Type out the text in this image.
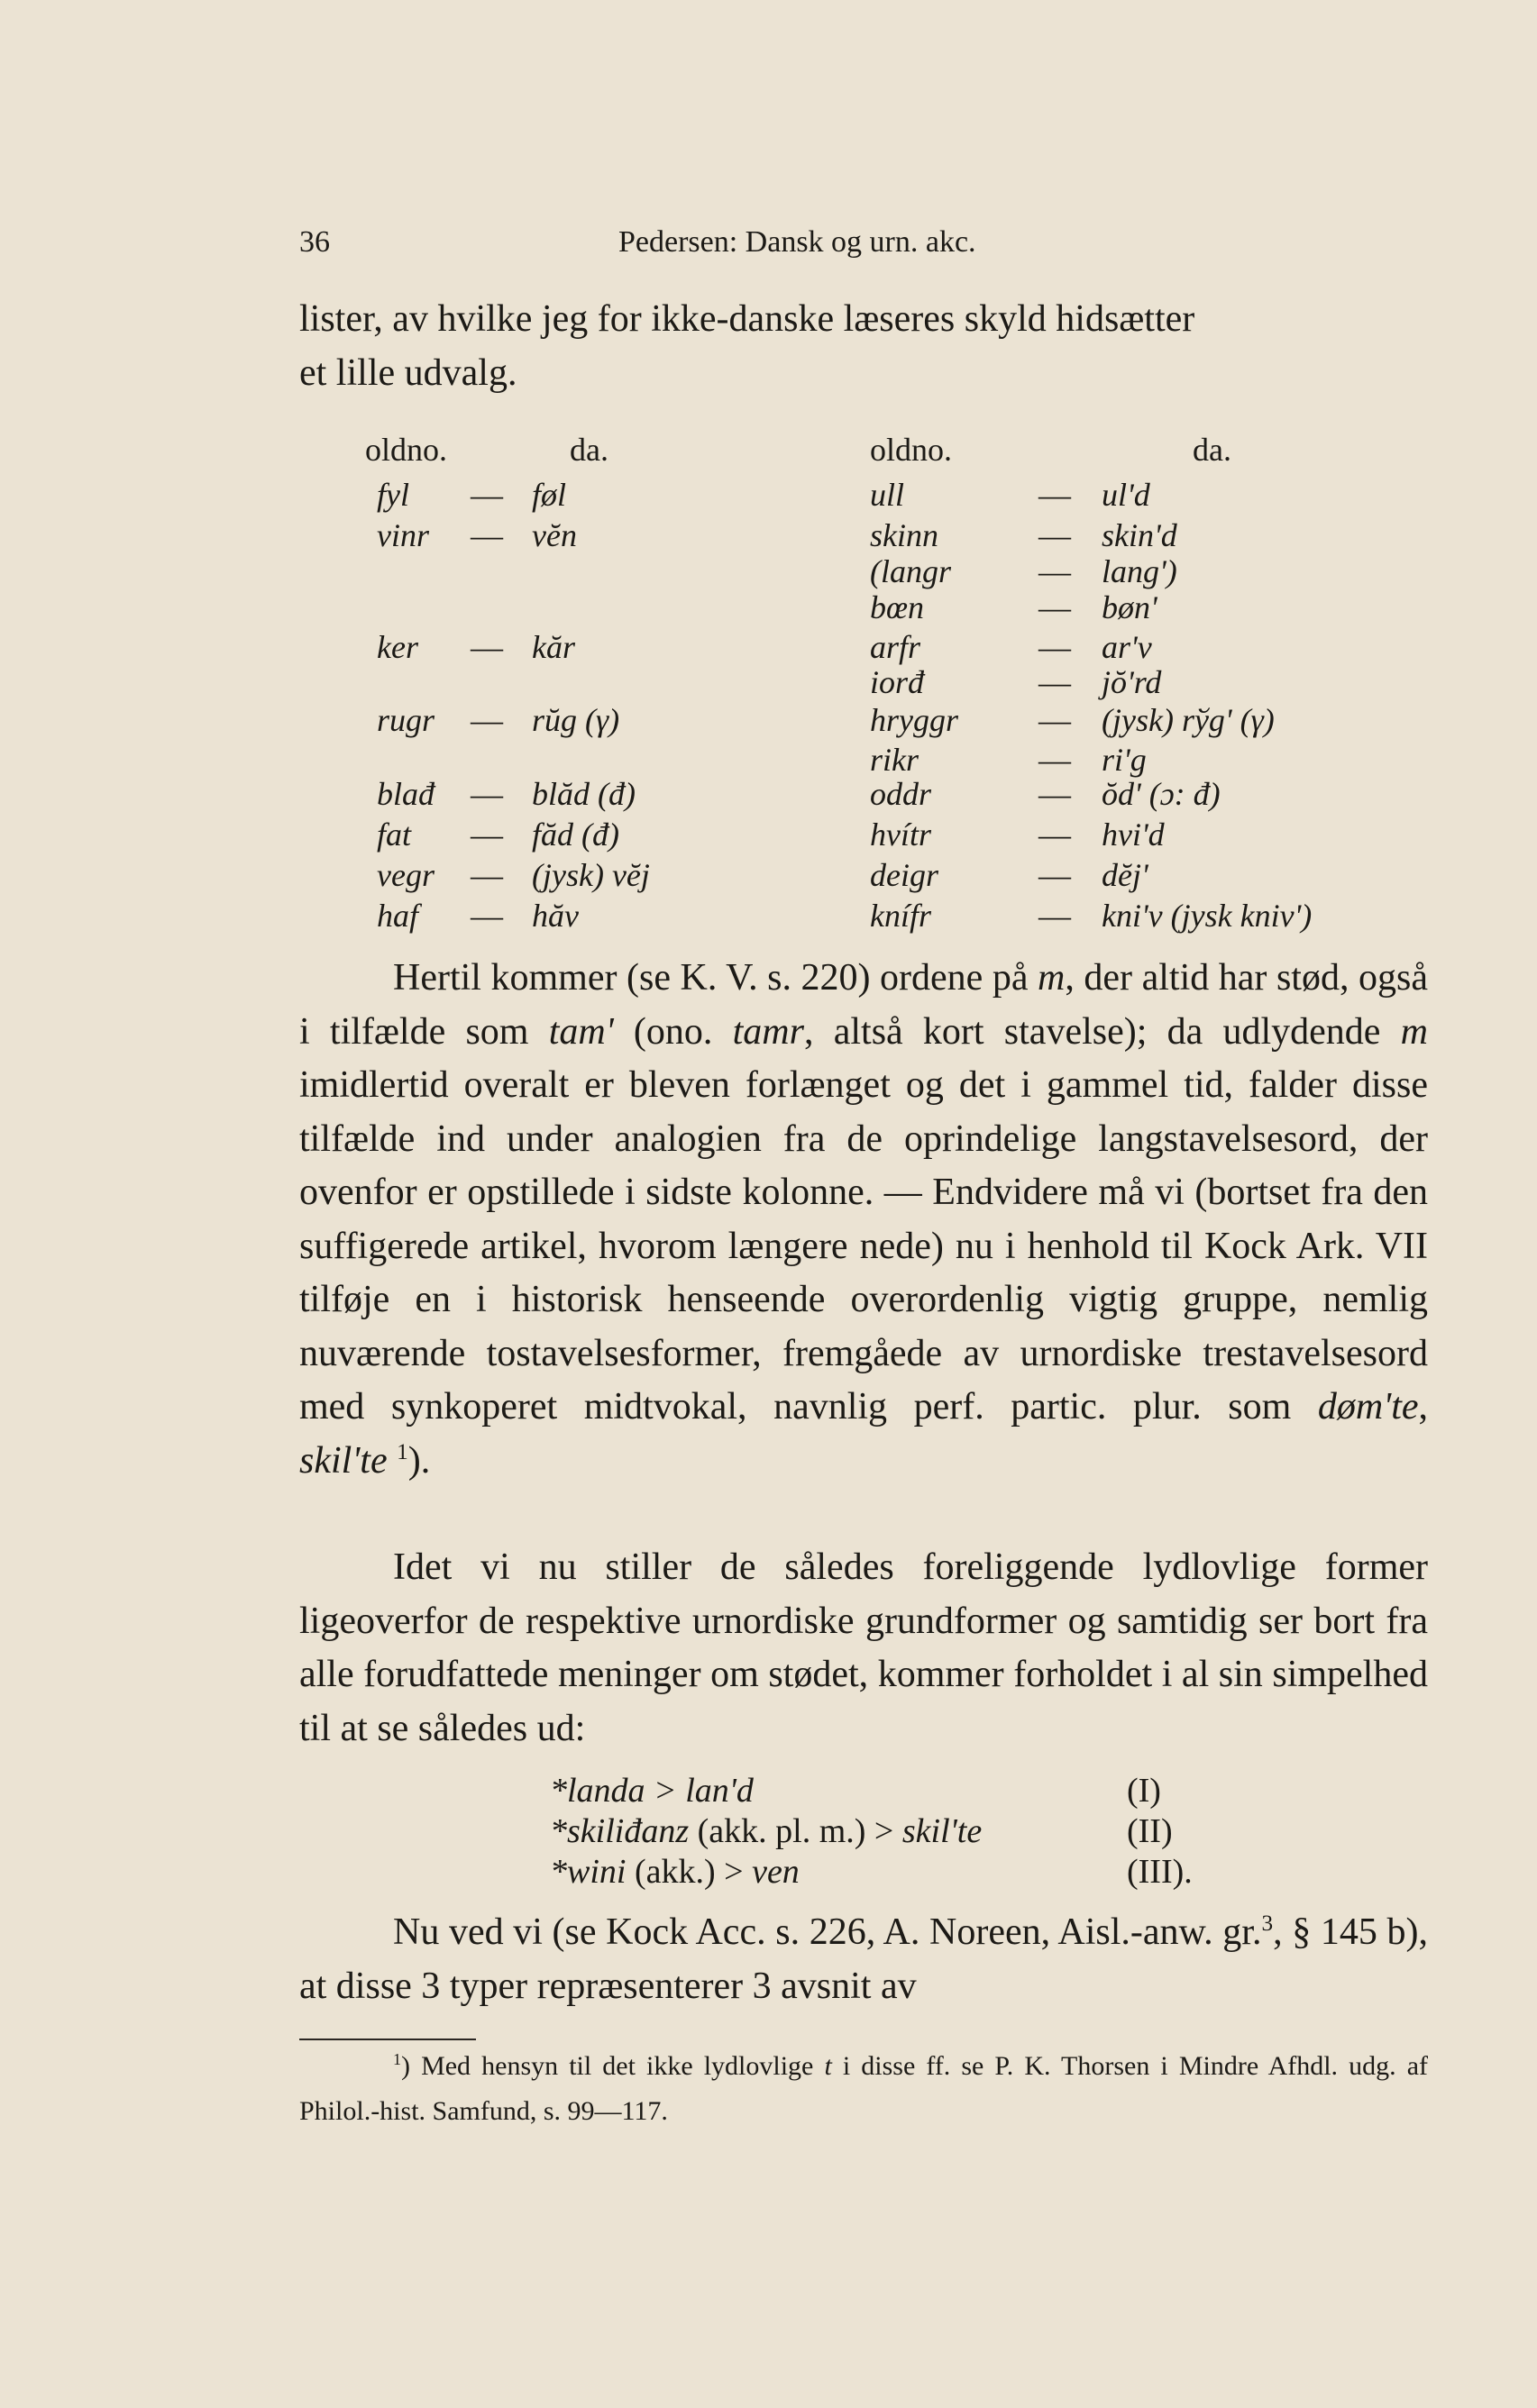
36	Pedersen: Dansk og urn. akc.
lister, av hvilke jeg for ikke-danske læseres skyld hidsætter
et lille udvalg.
oldno.	da.	oldno.	da.
fyl — føl
vinr — vĕn
ker — kăr
rugr — rŭg (γ)
blađ — blăd (đ)
fat — făd (đ)
vegr — (jysk) vĕj
haf — hăv
ull	— ul'd
skinn	— skin'd
(langr	— lang')
bœn	— bøn'
arfr	— ar'v
iorđ	— jŏ'rd
hryggr — (jysk) rўg' (γ)
rikr	— ri'g
oddr	— ŏd' (ɔ: đ)
hvítr	— hvi'd
deigr	— dĕj'
knífr	— kni'v (jysk kniv')

Hertil kommer (se K. V. s. 220) ordene på m, der altid har stød, også i tilfælde som tam' (ono. tamr, altså kort stavelse); da udlydende m imidlertid overalt er bleven forlænget og det i gammel tid, falder disse tilfælde ind under analogien fra de oprindelige langstavelsesord, der ovenfor er opstillede i sidste kolonne. — Endvidere må vi (bortset fra den suffigerede artikel, hvorom længere nede) nu i henhold til Kock Ark. VII tilføje en i historisk henseende overordenlig vigtig gruppe, nemlig nuværende tostavelsesformer, fremgåede av urnordiske trestavelsesord med synkoperet midtvokal, navnlig perf. partic. plur. som døm'te, skil'te $^1$).

Idet vi nu stiller de således foreliggende lydlovlige former ligeoverfor de respektive urnordiske grundformer og samtidig ser bort fra alle forudfattede meninger om stødet, kommer forholdet i al sin simpelhed til at se således ud:

*landa > lan'd	(I)
*skiliđanz (akk. pl. m.) > skil'te	(II)
*wini (akk.) > ven	(III).

Nu ved vi (se Kock Acc. s. 226, A. Noreen, Aisl.-anw. gr.$^3$, § 145 b), at disse 3 typer repræsenterer 3 avsnit av

$^1$) Med hensyn til det ikke lydlovlige t i disse ff. se P. K. Thorsen i Mindre Afhdl. udg. af Philol.-hist. Samfund, s. 99—117.
